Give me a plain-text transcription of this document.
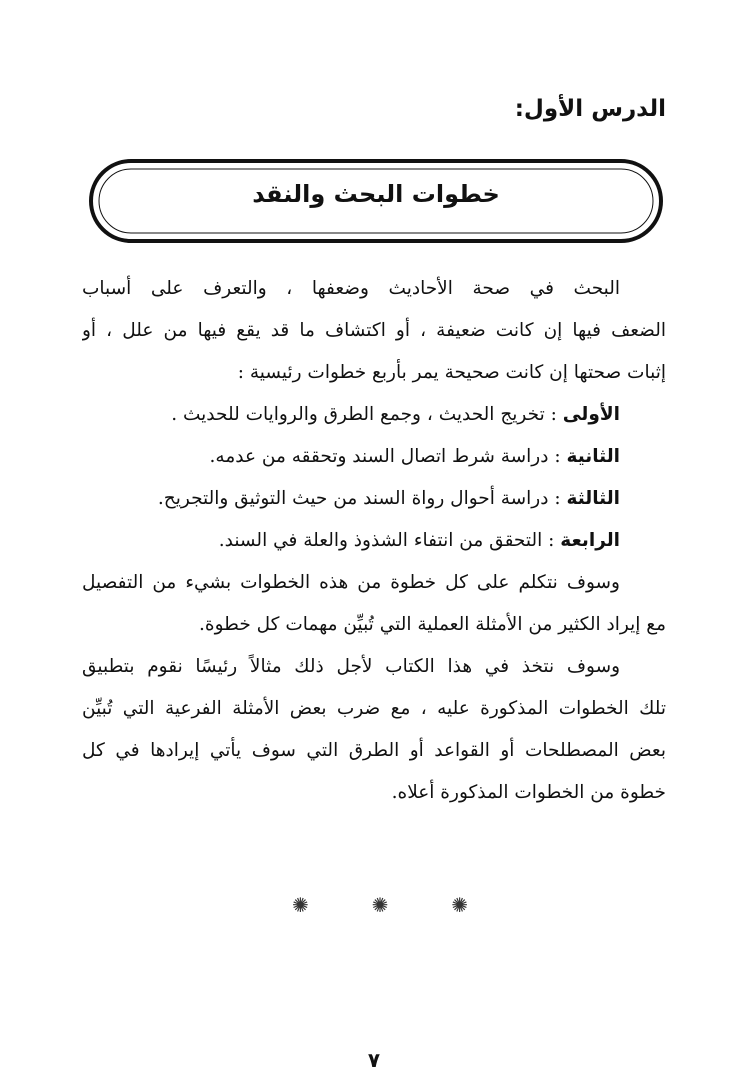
الدرس الأول:
خطوات البحث والنقد
البحث في صحة الأحاديث وضعفها ، والتعرف على أسباب
الضعف فيها إن كانت ضعيفة ، أو اكتشاف ما قد يقع فيها من علل ، أو
إثبات صحتها إن كانت صحيحة يمر بأربع خطوات رئيسية :
الأولى : تخريج الحديث ، وجمع الطرق والروايات للحديث .
الثانية : دراسة شرط اتصال السند وتحققه من عدمه.
الثالثة : دراسة أحوال رواة السند من حيث التوثيق والتجريح.
الرابعة : التحقق من انتفاء الشذوذ والعلة في السند.
وسوف نتكلم على كل خطوة من هذه الخطوات بشيء من التفصيل
مع إيراد الكثير من الأمثلة العملية التي تُبيِّن مهمات كل خطوة.
وسوف نتخذ في هذا الكتاب لأجل ذلك مثالاً رئيسًا نقوم بتطبيق
تلك الخطوات المذكورة عليه ، مع ضرب بعض الأمثلة الفرعية التي تُبيِّن
بعض المصطلحات أو القواعد أو الطرق التي سوف يأتي إيرادها في كل
خطوة من الخطوات المذكورة أعلاه.
✺	✺	✺
٧
